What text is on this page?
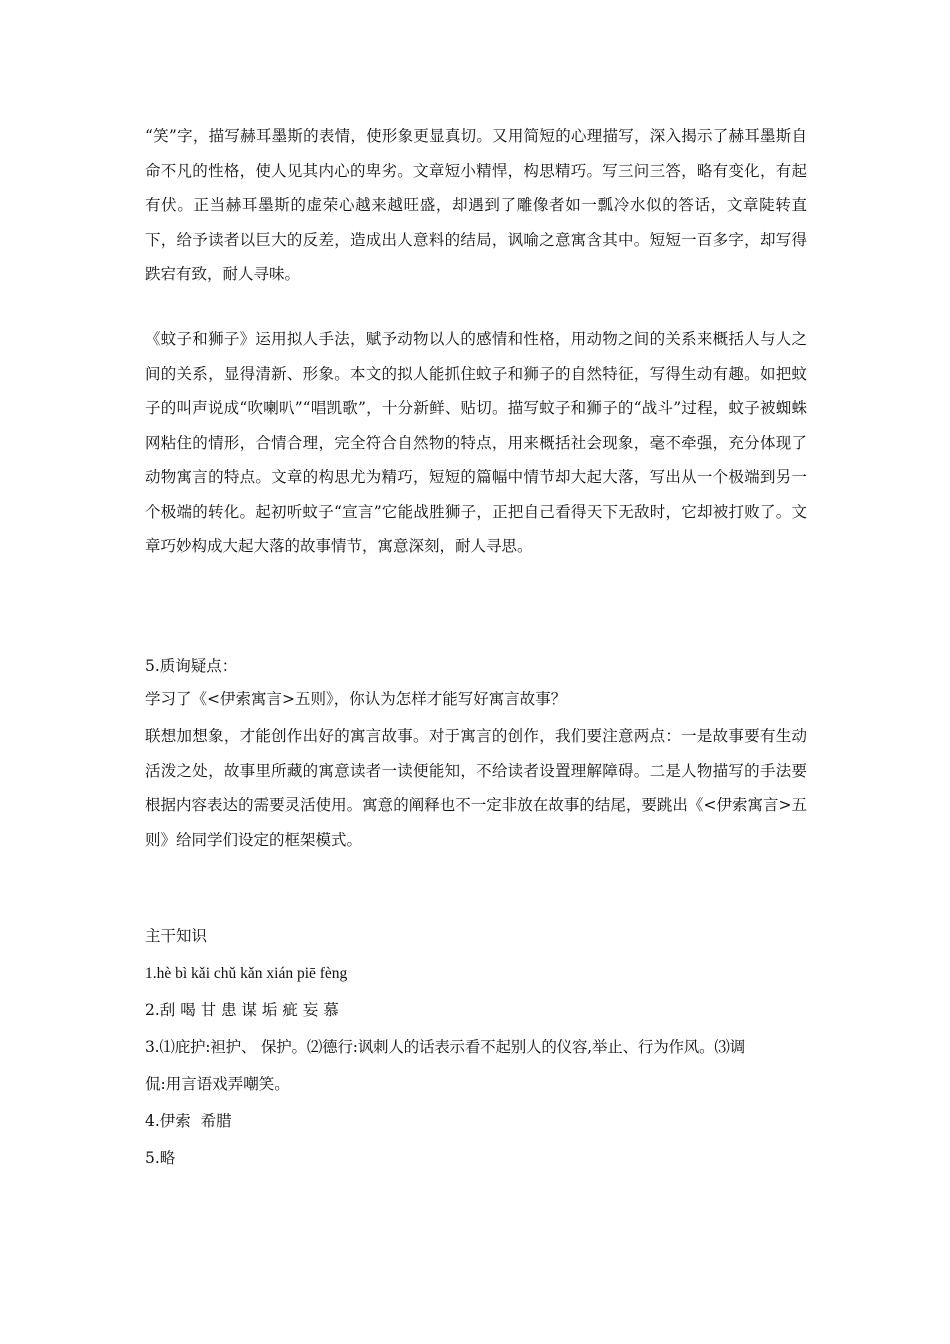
“笑”字，描写赫耳墨斯的表情，使形象更显真切。又用简短的心理描写，深入揭示了赫耳墨斯自命不凡的性格，使人见其内心的卑劣。文章短小精悍，构思精巧。写三问三答，略有变化，有起有伏。正当赫耳墨斯的虚荣心越来越旺盛，却遇到了雕像者如一瓢冷水似的答话，文章陡转直下，给予读者以巨大的反差，造成出人意料的结局，讽喻之意寓含其中。短短一百多字，却写得跌宕有致，耐人寻味。

《蚊子和狮子》运用拟人手法，赋予动物以人的感情和性格，用动物之间的关系来概括人与人之间的关系，显得清新、形象。本文的拟人能抓住蚊子和狮子的自然特征，写得生动有趣。如把蚊子的叫声说成“吹喇叭”“唱凯歌”，十分新鲜、贴切。描写蚊子和狮子的“战斗”过程，蚊子被蜘蛛网粘住的情形，合情合理，完全符合自然物的特点，用来概括社会现象，毫不牵强，充分体现了动物寓言的特点。文章的构思尤为精巧，短短的篇幅中情节却大起大落，写出从一个极端到另一个极端的转化。起初听蚊子“宣言”它能战胜狮子，正把自己看得天下无敌时，它却被打败了。文章巧妙构成大起大落的故事情节，寓意深刻，耐人寻思。

5.质询疑点：

学习了《<伊索寓言>五则》，你认为怎样才能写好寓言故事？

联想加想象，才能创作出好的寓言故事。对于寓言的创作，我们要注意两点：一是故事要有生动活泼之处，故事里所藏的寓意读者一读便能知，不给读者设置理解障碍。二是人物描写的手法要根据内容表达的需要灵活使用。寓意的阐释也不一定非放在故事的结尾，要跳出《<伊索寓言>五则》给同学们设定的框架模式。

主干知识

1.hè bì kǎi chǔ kǎn xián piē fèng

2.刮 喝 甘 患 谋 垢 疵 妄 慕

3.⑴庇护:袒护、 保护。⑵德行:讽刺人的话表示看不起别人的仪容,举止、行为作风。⑶调

侃:用言语戏弄嘲笑。

4.伊索  希腊

5.略
